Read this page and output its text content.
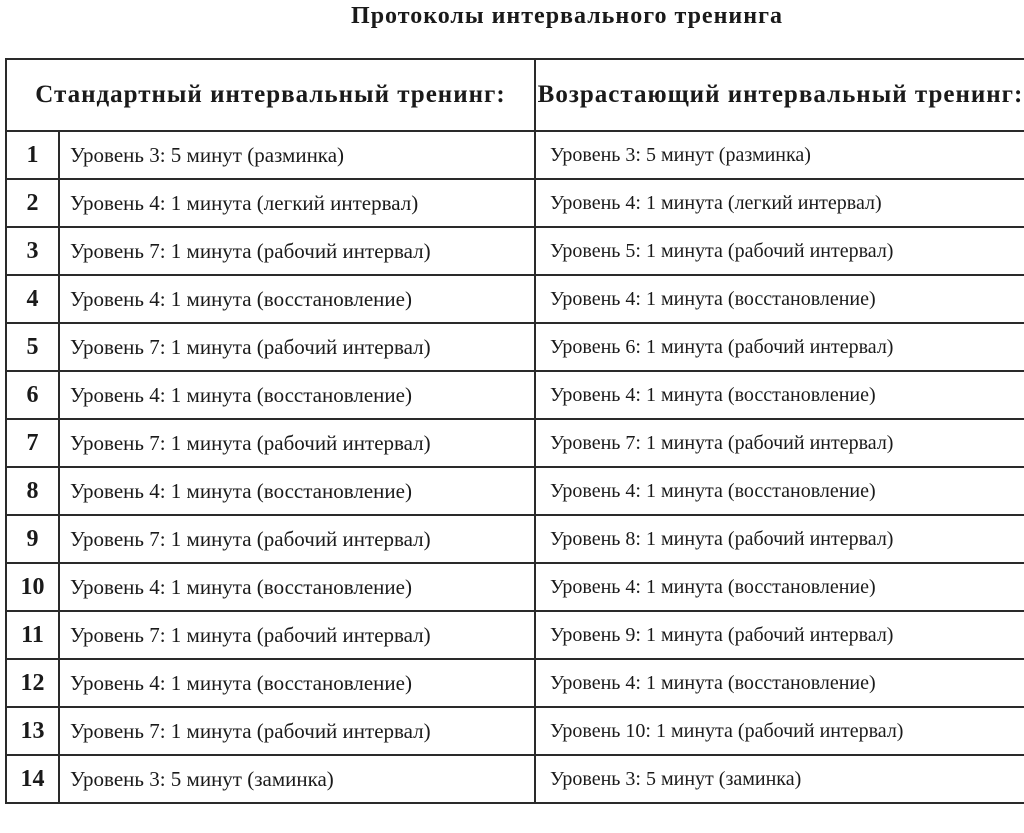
Протоколы интервального тренинга
Стандартный интервальный тренинг:		Возрастающий интервальный тренинг:
1	Уровень 3: 5 минут (разминка)	Уровень 3: 5 минут (разминка)
2	Уровень 4: 1 минута (легкий интервал)	Уровень 4: 1 минута (легкий интервал)
3	Уровень 7: 1 минута (рабочий интервал)	Уровень 5: 1 минута (рабочий интервал)
4	Уровень 4: 1 минута (восстановление)	Уровень 4: 1 минута (восстановление)
5	Уровень 7: 1 минута (рабочий интервал)	Уровень 6: 1 минута (рабочий интервал)
6	Уровень 4: 1 минута (восстановление)	Уровень 4: 1 минута (восстановление)
7	Уровень 7: 1 минута (рабочий интервал)	Уровень 7: 1 минута (рабочий интервал)
8	Уровень 4: 1 минута (восстановление)	Уровень 4: 1 минута (восстановление)
9	Уровень 7: 1 минута (рабочий интервал)	Уровень 8: 1 минута (рабочий интервал)
10	Уровень 4: 1 минута (восстановление)	Уровень 4: 1 минута (восстановление)
11	Уровень 7: 1 минута (рабочий интервал)	Уровень 9: 1 минута (рабочий интервал)
12	Уровень 4: 1 минута (восстановление)	Уровень 4: 1 минута (восстановление)
13	Уровень 7: 1 минута (рабочий интервал)	Уровень 10: 1 минута (рабочий интервал)
14	Уровень 3: 5 минут (заминка)	Уровень 3: 5 минут (заминка)
